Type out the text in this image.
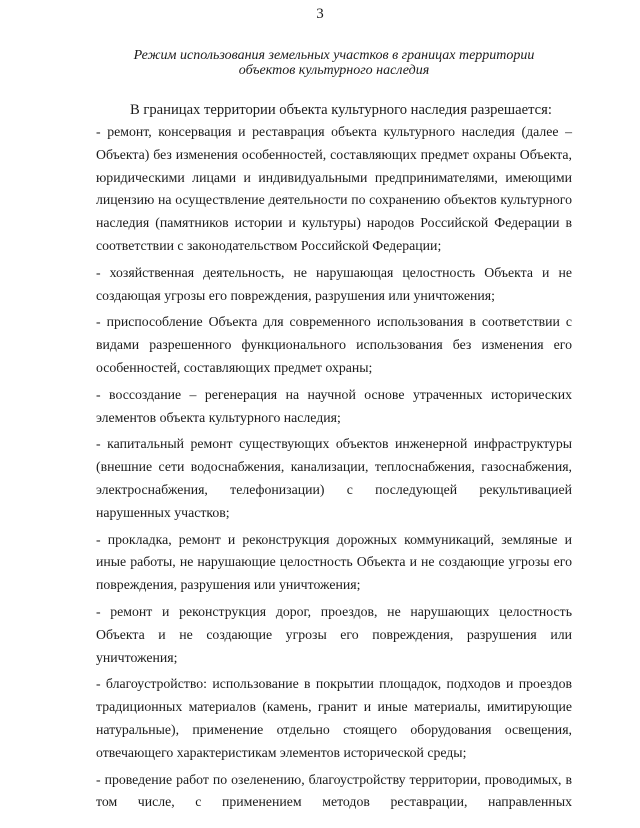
3
Режим использования земельных участков в границах территории
объектов культурного наследия

В границах территории объекта культурного наследия разрешается:

- ремонт, консервация и реставрация объекта культурного наследия (далее – Объекта) без изменения особенностей, составляющих предмет охраны Объекта, юридическими лицами и индивидуальными предпринимателями, имеющими лицензию на осуществление деятельности по сохранению объектов культурного наследия (памятников истории и культуры) народов Российской Федерации в соответствии с законодательством Российской Федерации;

- хозяйственная деятельность, не нарушающая целостность Объекта и не создающая угрозы его повреждения, разрушения или уничтожения;

- приспособление Объекта для современного использования в соответствии с видами разрешенного функционального использования без изменения его особенностей, составляющих предмет охраны;

- воссоздание – регенерация на научной основе утраченных исторических элементов объекта культурного наследия;

- капитальный ремонт существующих объектов инженерной инфраструктуры (внешние сети водоснабжения, канализации, теплоснабжения, газоснабжения, электроснабжения, телефонизации) с последующей рекультивацией нарушенных участков;

- прокладка, ремонт и реконструкция дорожных коммуникаций, земляные и иные работы, не нарушающие целостность Объекта и не создающие угрозы его повреждения, разрушения или уничтожения;

- ремонт и реконструкция дорог, проездов, не нарушающих целостность Объекта и не создающие угрозы его повреждения, разрушения или уничтожения;

- благоустройство: использование в покрытии площадок, подходов и проездов традиционных материалов (камень, гранит и иные материалы, имитирующие натуральные), применение отдельно стоящего оборудования освещения, отвечающего характеристикам элементов исторической среды;

- проведение работ по озеленению, благоустройству территории, проводимых, в том числе, с применением методов реставрации, направленных
